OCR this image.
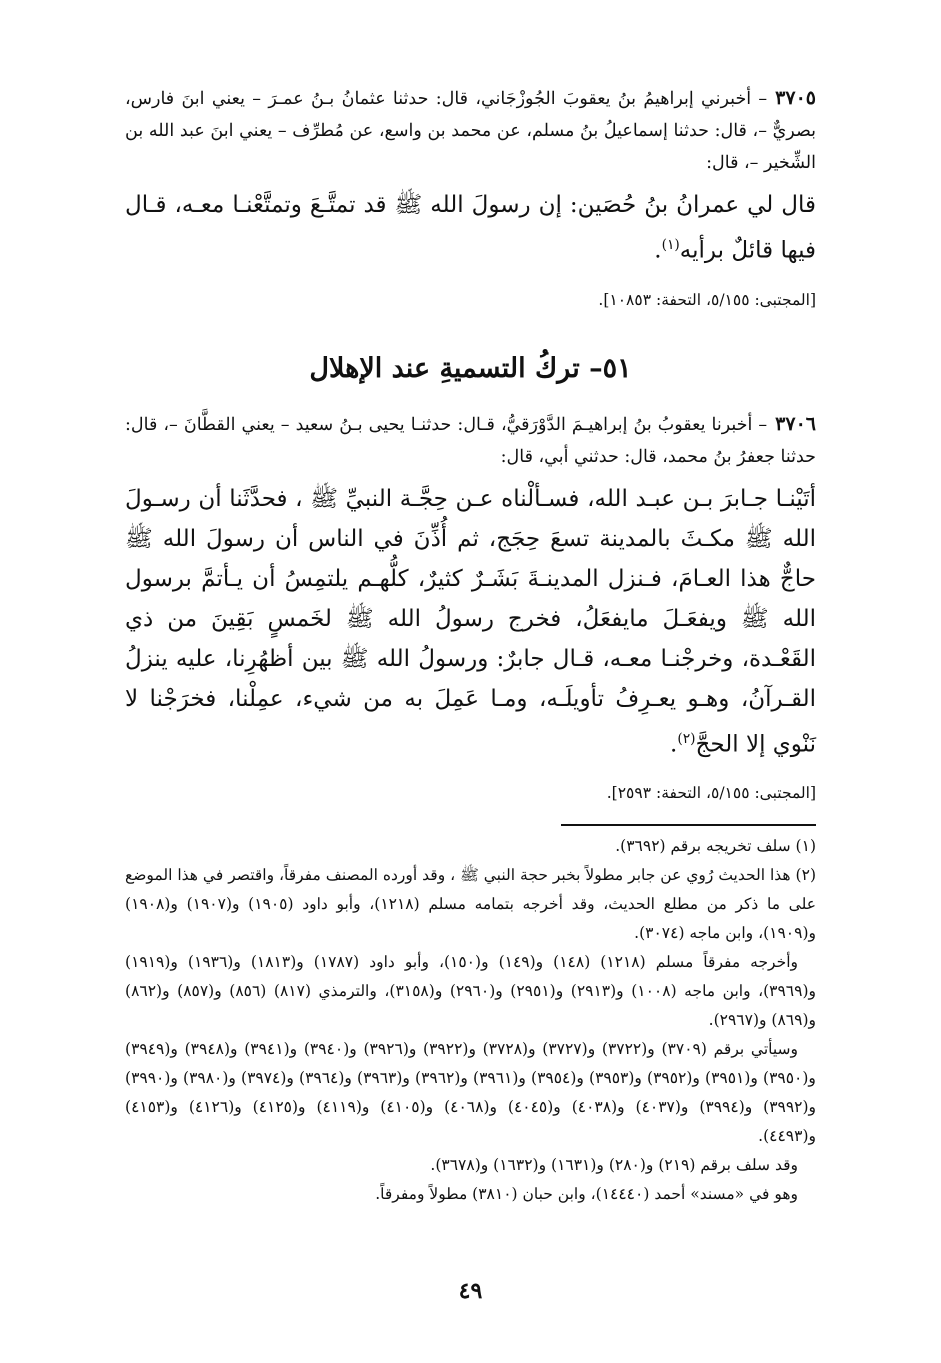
٣٧٠٥– أخبرني إبراهيمُ بنُ يعقوبَ الجُوزْجَاني، قال: حدثنا عثمانُ بـنُ عمـرَ – يعني ابنَ فارس، بصريٌّ –، قال: حدثنا إسماعيلُ بنُ مسلم، عن محمد بن واسع، عن مُطرِّف – يعني ابنَ عبد الله بن الشِّخير –، قال:
قال لي عمرانُ بنُ حُصَين: إن رسولَ الله ﷺ قد تمتَّـعَ وتمتَّعْنـا معـه، قـال فيها قائلٌ برأيه$^{(١)}$.
[المجتبى: ٥/١٥٥، التحفة: ١٠٨٥٣].
٥١– تركُ التسميةِ عند الإهلال
٣٧٠٦– أخبرنا يعقوبُ بنُ إبراهيـمَ الدَّوْرَقيُّ، قـال: حدثنـا يحيى بـنُ سعيد – يعني القطَّانَ –، قال: حدثنا جعفرُ بنُ محمد، قال: حدثني أبي، قال:
أتَيْنـا جـابرَ بـن عبـد الله، فسـألْناه عـن حِجَّـة النبيِّ ﷺ ، فحدَّثَنا أن رسـولَ الله ﷺ مكـثَ بالمدينة تسعَ حِجَج، ثم أُذِّنَ في الناس أن رسولَ الله ﷺ حاجٌّ هذا العـامَ، فـنزل المدينـةَ بَشَـرٌ كثيرٌ، كلُّهـم يلتمِسُ أن يـأتمَّ برسول الله ﷺ ويفعَـلَ مايفعَلُ، فخرج رسولُ الله ﷺ لخَمسٍ بَقِينَ من ذي القَعْـدة، وخرجْنـا معـه، قـال جابرٌ: ورسولُ الله ﷺ بين أظهُرِنا، عليه ينزلُ القـرآنُ، وهـو يعـرِفُ تأويلَـه، ومـا عَمِلَ به من شيء، عمِلْنا، فخرَجْنا لا نَنْوي إلا الحجَّ$^{(٢)}$.
[المجتبى: ٥/١٥٥، التحفة: ٢٥٩٣].

(١) سلف تخريجه برقم (٣٦٩٢).

(٢) هذا الحديث رُوي عن جابر مطولاً بخبر حجة النبي ﷺ ، وقد أورده المصنف مفرقاً، واقتصر في هذا الموضع على ما ذكر من مطلع الحديث، وقد أخرجه بتمامه مسلم (١٢١٨)، وأبو داود (١٩٠٥) و(١٩٠٧) و(١٩٠٨) و(١٩٠٩)، وابن ماجه (٣٠٧٤).

وأخرجه مفرقاً مسلم (١٢١٨) (١٤٨) و(١٤٩) و(١٥٠)، وأبو داود (١٧٨٧) و(١٨١٣) و(١٩٣٦) و(١٩١٩) و(٣٩٦٩)، وابن ماجه (١٠٠٨) و(٢٩١٣) و(٢٩٥١) و(٢٩٦٠) و(٣١٥٨)، والترمذي (٨١٧) (٨٥٦) و(٨٥٧) و(٨٦٢) و(٨٦٩) و(٢٩٦٧).

وسيأتي برقم (٣٧٠٩) و(٣٧٢٢) و(٣٧٢٧) و(٣٧٢٨) و(٣٩٢٢) و(٣٩٢٦) و(٣٩٤٠) و(٣٩٤١) و(٣٩٤٨) و(٣٩٤٩) و(٣٩٥٠) و(٣٩٥١) و(٣٩٥٢) و(٣٩٥٣) و(٣٩٥٤) و(٣٩٦١) و(٣٩٦٢) و(٣٩٦٣) و(٣٩٦٤) و(٣٩٧٤) و(٣٩٨٠) و(٣٩٩٠) و(٣٩٩٢) و(٣٩٩٤) و(٤٠٣٧) و(٤٠٣٨) و(٤٠٤٥) و(٤٠٦٨) و(٤١٠٥) و(٤١١٩) و(٤١٢٥) و(٤١٢٦) و(٤١٥٣) و(٤٤٩٣).

وقد سلف برقم (٢١٩) و(٢٨٠) و(١٦٣١) و(١٦٣٢) و(٣٦٧٨).

وهو في «مسند» أحمد (١٤٤٤٠)، وابن حبان (٣٨١٠) مطولاً ومفرقاً.

٤٩
